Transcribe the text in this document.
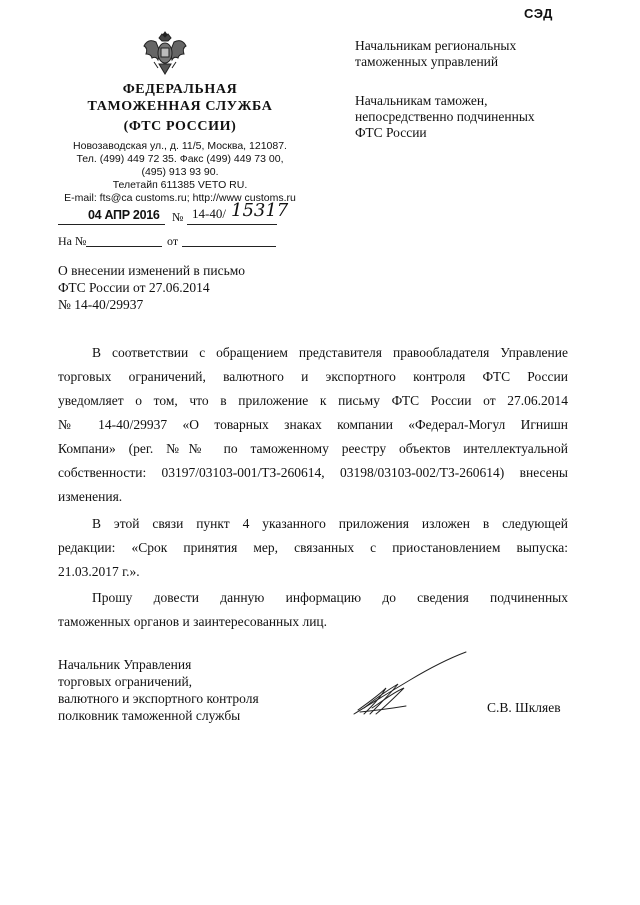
СЭД
ФЕДЕРАЛЬНАЯ
ТАМОЖЕННАЯ СЛУЖБА
(ФТС РОССИИ)
Новозаводская ул., д. 11/5, Москва, 121087.
Тел. (499) 449 72 35. Факс (499) 449 73 00,
(495) 913 93 90.
Телетайп 611385 VETO RU.
E-mail: fts@ca customs.ru; http://www customs.ru
Начальникам региональных
таможенных управлений
Начальникам таможен,
непосредственно подчиненных
ФТС России
04 АПР 2016 № 14-40/ 15317
На №	от
О внесении изменений в письмо
ФТС России от 27.06.2014
№ 14-40/29937
В соответствии с обращением представителя правообладателя Управление
торговых ограничений, валютного и экспортного контроля ФТС России
уведомляет о том, что в приложение к письму ФТС России от 27.06.2014
№ 14-40/29937 «О товарных знаках компании «Федерал-Могул Игнишн
Компани» (рег. №№ по таможенному реестру объектов интеллектуальной
собственности: 03197/03103-001/ТЗ-260614, 03198/03103-002/ТЗ-260614) внесены
изменения.
В этой связи пункт 4 указанного приложения изложен в следующей
редакции: «Срок принятия мер, связанных с приостановлением выпуска:
21.03.2017 г.».
Прошу довести данную информацию до сведения подчиненных
таможенных органов и заинтересованных лиц.
Начальник Управления
торговых ограничений,
валютного и экспортного контроля
полковник таможенной службы
С.В. Шкляев
